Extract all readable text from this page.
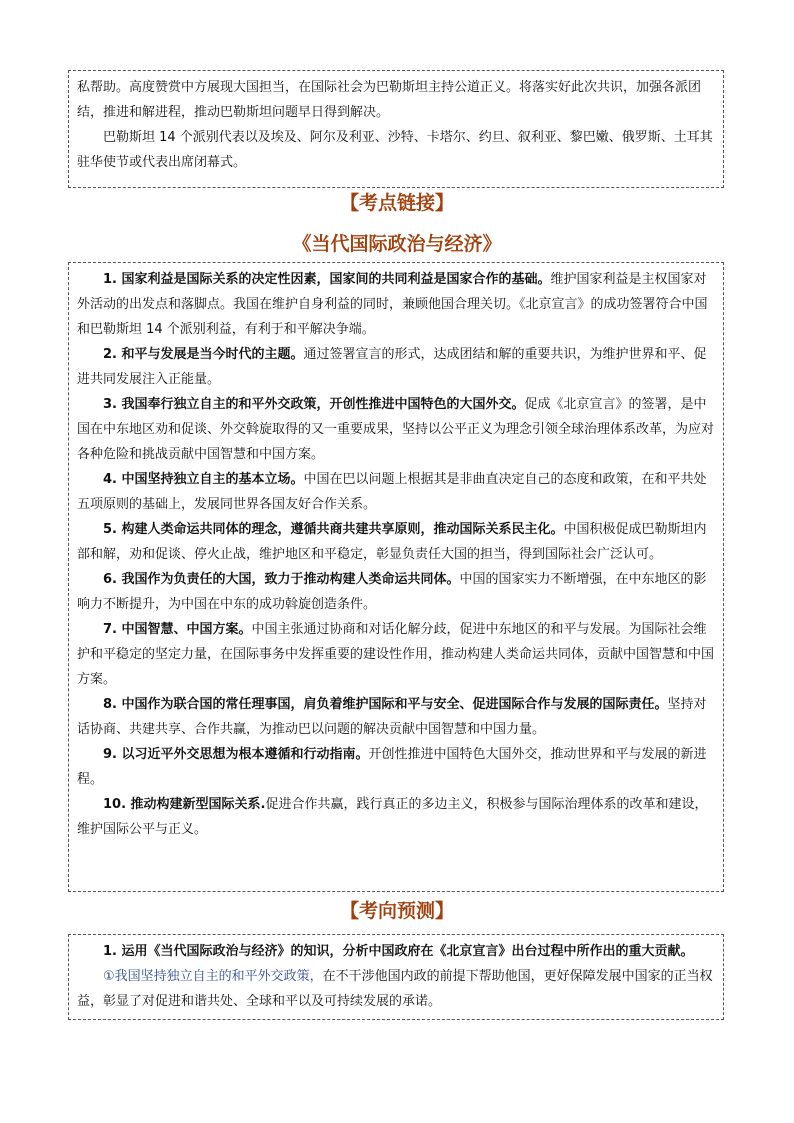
私帮助。高度赞赏中方展现大国担当，在国际社会为巴勒斯坦主持公道正义。将落实好此次共识，加强各派团结，推进和解进程，推动巴勒斯坦问题早日得到解决。

巴勒斯坦 14 个派别代表以及埃及、阿尔及利亚、沙特、卡塔尔、约旦、叙利亚、黎巴嫩、俄罗斯、土耳其驻华使节或代表出席闭幕式。

【考点链接】
《当代国际政治与经济》

1. 国家利益是国际关系的决定性因素，国家间的共同利益是国家合作的基础。维护国家利益是主权国家对外活动的出发点和落脚点。我国在维护自身利益的同时，兼顾他国合理关切。《北京宣言》的成功签署符合中国和巴勒斯坦 14 个派别利益，有利于和平解决争端。

2. 和平与发展是当今时代的主题。通过签署宣言的形式，达成团结和解的重要共识，为维护世界和平、促进共同发展注入正能量。

3. 我国奉行独立自主的和平外交政策，开创性推进中国特色的大国外交。促成《北京宣言》的签署，是中国在中东地区劝和促谈、外交斡旋取得的又一重要成果，坚持以公平正义为理念引领全球治理体系改革，为应对各种危险和挑战贡献中国智慧和中国方案。

4. 中国坚持独立自主的基本立场。中国在巴以问题上根据其是非曲直决定自己的态度和政策，在和平共处五项原则的基础上，发展同世界各国友好合作关系。

5. 构建人类命运共同体的理念，遵循共商共建共享原则，推动国际关系民主化。中国积极促成巴勒斯坦内部和解，劝和促谈、停火止战，维护地区和平稳定，彰显负责任大国的担当，得到国际社会广泛认可。

6. 我国作为负责任的大国，致力于推动构建人类命运共同体。中国的国家实力不断增强，在中东地区的影响力不断提升，为中国在中东的成功斡旋创造条件。

7. 中国智慧、中国方案。中国主张通过协商和对话化解分歧，促进中东地区的和平与发展。为国际社会维护和平稳定的坚定力量，在国际事务中发挥重要的建设性作用，推动构建人类命运共同体，贡献中国智慧和中国方案。

8. 中国作为联合国的常任理事国，肩负着维护国际和平与安全、促进国际合作与发展的国际责任。坚持对话协商、共建共享、合作共赢，为推动巴以问题的解决贡献中国智慧和中国力量。

9. 以习近平外交思想为根本遵循和行动指南。开创性推进中国特色大国外交，推动世界和平与发展的新进程。

10. 推动构建新型国际关系.促进合作共赢，践行真正的多边主义，积极参与国际治理体系的改革和建设，维护国际公平与正义。

【考向预测】

1. 运用《当代国际政治与经济》的知识，分析中国政府在《北京宣言》出台过程中所作出的重大贡献。

①我国坚持独立自主的和平外交政策，在不干涉他国内政的前提下帮助他国，更好保障发展中国家的正当权益，彰显了对促进和谐共处、全球和平以及可持续发展的承诺。
